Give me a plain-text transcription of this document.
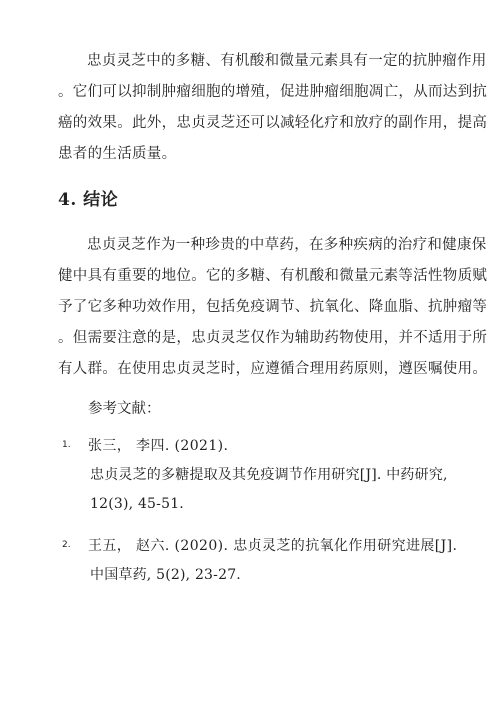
忠贞灵芝中的多糖、有机酸和微量元素具有一定的抗肿瘤作用
。它们可以抑制肿瘤细胞的增殖，促进肿瘤细胞凋亡，从而达到抗
癌的效果。此外，忠贞灵芝还可以减轻化疗和放疗的副作用，提高
患者的生活质量。
4. 结论
忠贞灵芝作为一种珍贵的中草药，在多种疾病的治疗和健康保
健中具有重要的地位。它的多糖、有机酸和微量元素等活性物质赋
予了它多种功效作用，包括免疫调节、抗氧化、降血脂、抗肿瘤等
。但需要注意的是，忠贞灵芝仅作为辅助药物使用，并不适用于所
有人群。在使用忠贞灵芝时，应遵循合理用药原则，遵医嘱使用。
参考文献：
1.	张三， 李四. (2021).
忠贞灵芝的多糖提取及其免疫调节作用研究[J]. 中药研究,
12(3), 45-51.
2.	王五， 赵六. (2020). 忠贞灵芝的抗氧化作用研究进展[J].
中国草药, 5(2), 23-27.
